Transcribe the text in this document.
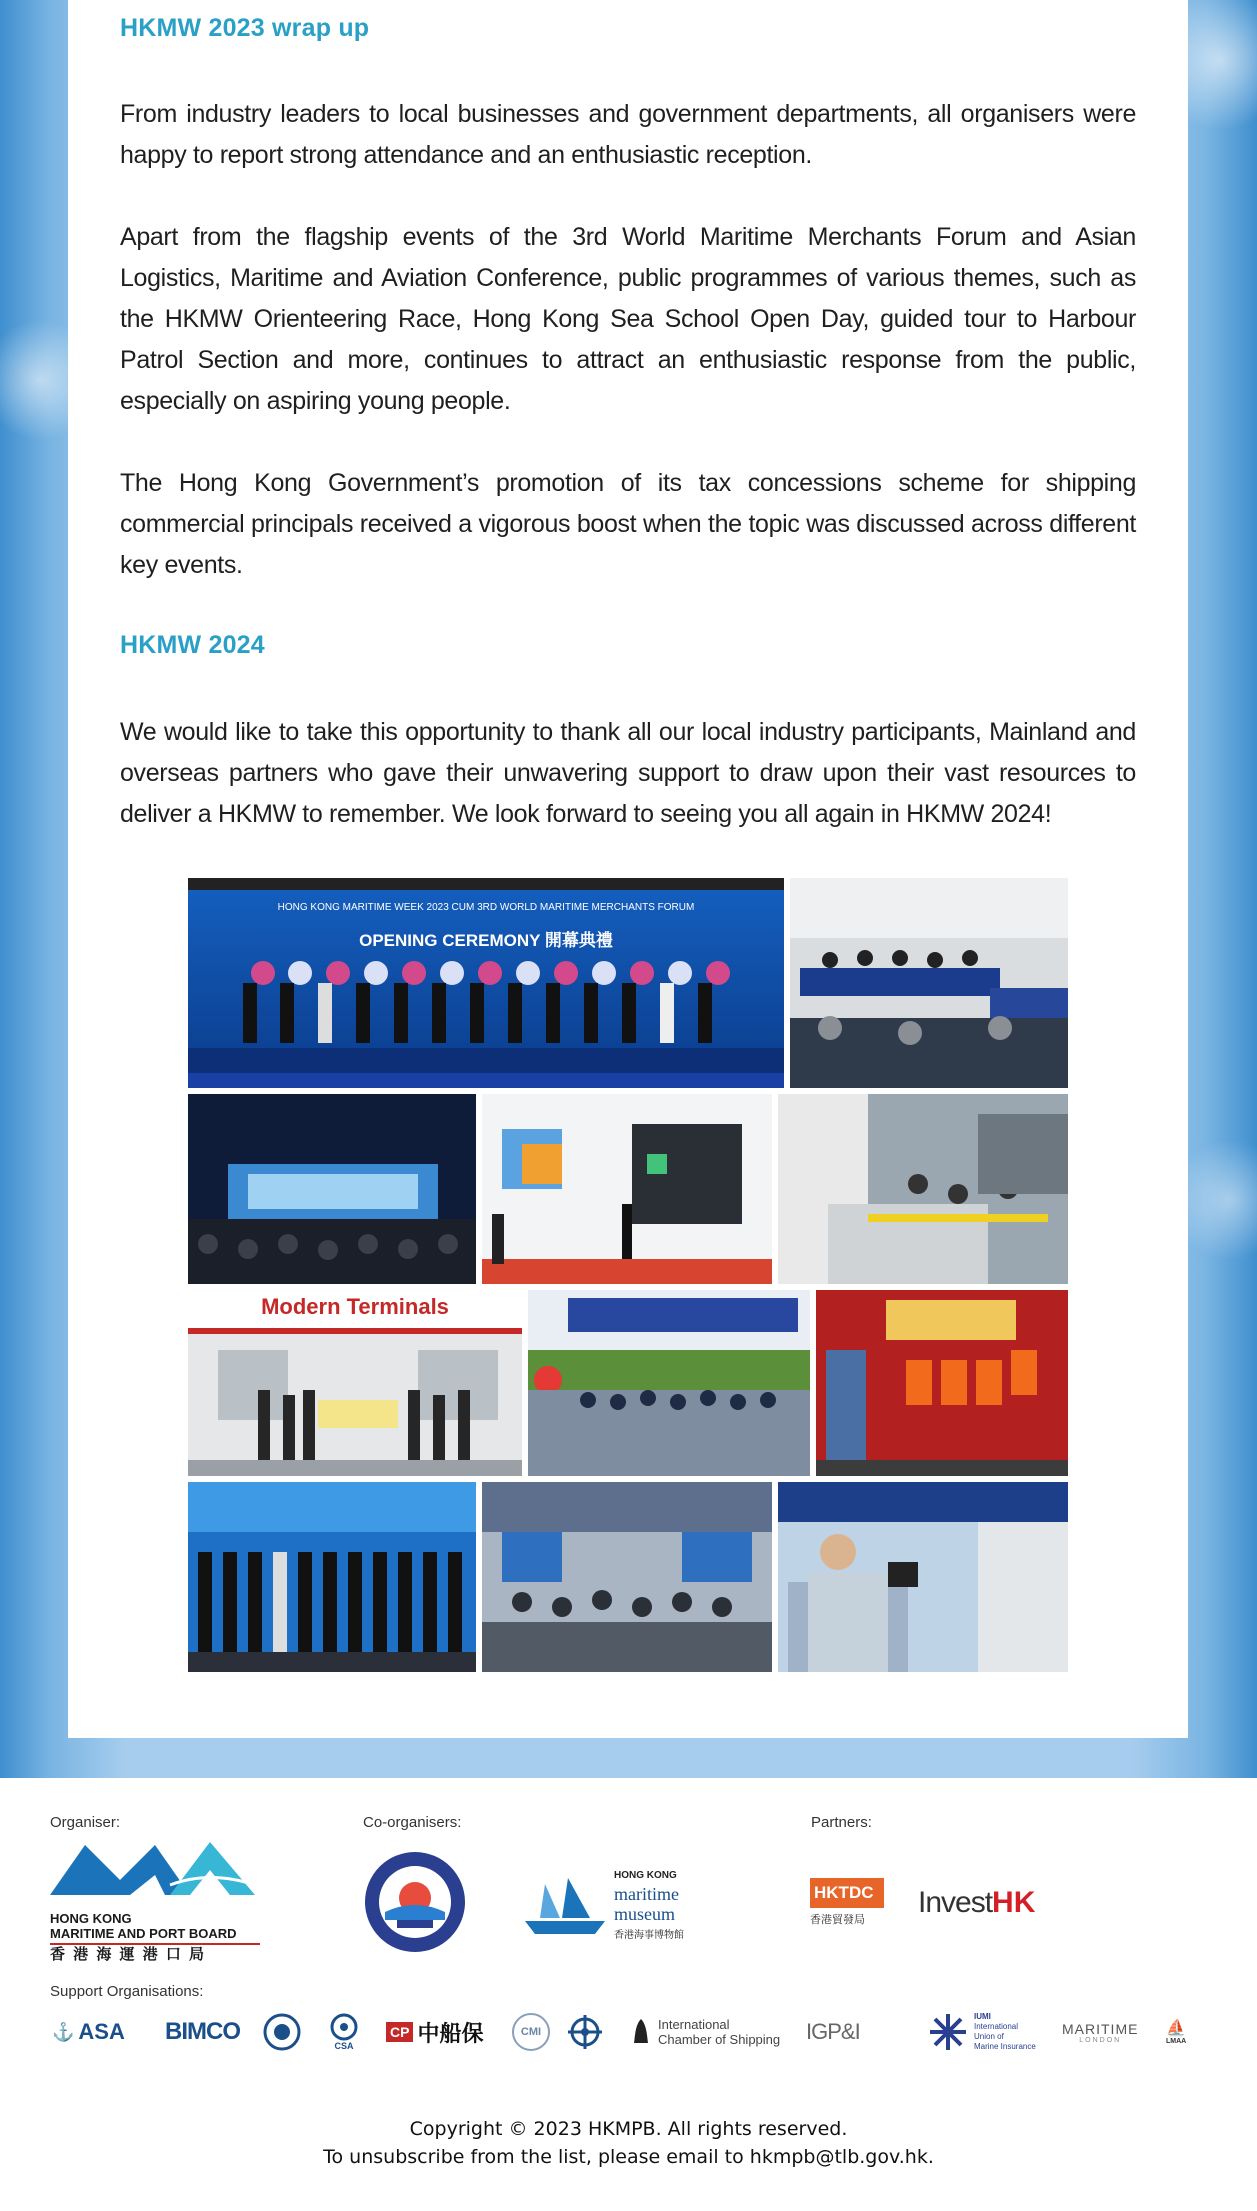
HKMW 2023 wrap up

From industry leaders to local businesses and government departments, all organisers were happy to report strong attendance and an enthusiastic reception.

Apart from the flagship events of the 3rd World Maritime Merchants Forum and Asian Logistics, Maritime and Aviation Conference, public programmes of various themes, such as the HKMW Orienteering Race, Hong Kong Sea School Open Day, guided tour to Harbour Patrol Section and more, continues to attract an enthusiastic response from the public, especially on aspiring young people.

The Hong Kong Government’s promotion of its tax concessions scheme for shipping commercial principals received a vigorous boost when the topic was discussed across different key events.

HKMW 2024

We would like to take this opportunity to thank all our local industry participants, Mainland and overseas partners who gave their unwavering support to draw upon their vast resources to deliver a HKMW to remember. We look forward to seeing you all again in HKMW 2024!

HONG KONG MARITIME WEEK 2023 CUM 3RD WORLD MARITIME MERCHANTS FORUM
OPENING CEREMONY 開幕典禮
Modern Terminals
Organiser:	Co-organisers:	Partners:
HONG KONG
MARITIME AND PORT BOARD
香 港 海 運 港 口 局
HONG KONG
maritime
museum
香港海事博物館
HKTDC
香港貿發局
Invest HK
Support Organisations:
Copyright © 2023 HKMPB. All rights reserved.
To unsubscribe from the list, please email to hkmpb@tlb.gov.hk.
⚓ ASA BIMCO
CSA
CP 中船保	CMI	International
Chamber of Shipping IGP&I
IUMI
International
Union of
Marine Insurance
MARITIME
LONDON
⛵
LMAA
